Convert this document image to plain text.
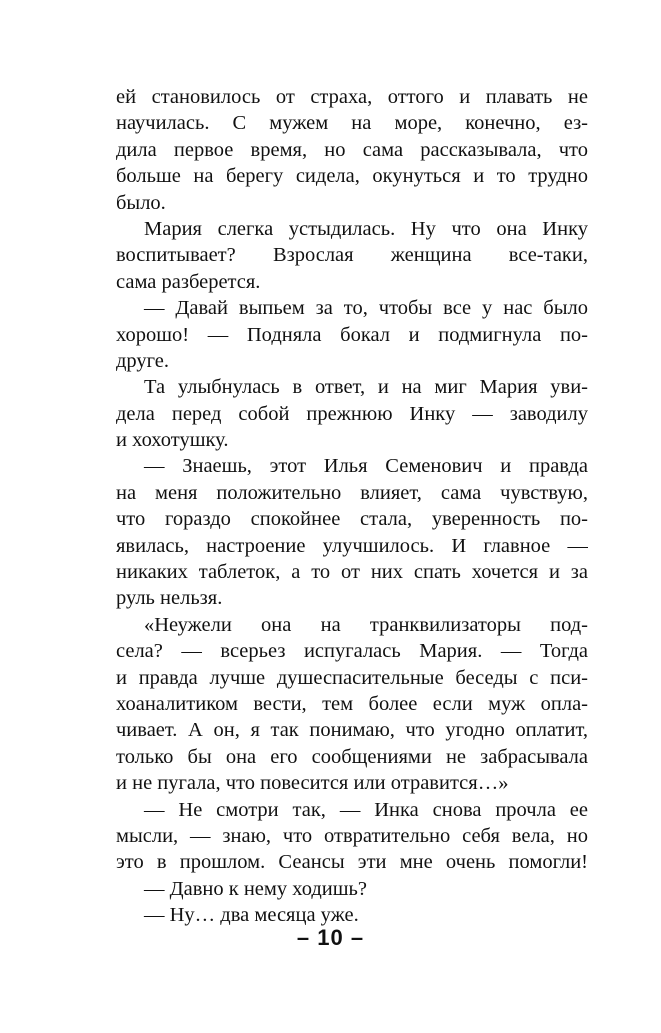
ей становилось от страха, оттого и плавать не
научилась. С мужем на море, конечно, ез-
дила первое время, но сама рассказывала, что
больше на берегу сидела, окунуться и то трудно
было.
Мария слегка устыдилась. Ну что она Инку
воспитывает? Взрослая женщина все-таки,
сама разберется.
— Давай выпьем за то, чтобы все у нас было
хорошо! — Подняла бокал и подмигнула по-
друге.
Та улыбнулась в ответ, и на миг Мария уви-
дела перед собой прежнюю Инку — заводилу
и хохотушку.
— Знаешь, этот Илья Семенович и правда
на меня положительно влияет, сама чувствую,
что гораздо спокойнее стала, уверенность по-
явилась, настроение улучшилось. И главное —
никаких таблеток, а то от них спать хочется и за
руль нельзя.
«Неужели она на транквилизаторы под-
села? — всерьез испугалась Мария. — Тогда
и правда лучше душеспасительные беседы с пси-
хоаналитиком вести, тем более если муж опла-
чивает. А он, я так понимаю, что угодно оплатит,
только бы она его сообщениями не забрасывала
и не пугала, что повесится или отравится…»
— Не смотри так, — Инка снова прочла ее
мысли, — знаю, что отвратительно себя вела, но
это в прошлом. Сеансы эти мне очень помогли!
— Давно к нему ходишь?
— Ну… два месяца уже.
– 10 –
